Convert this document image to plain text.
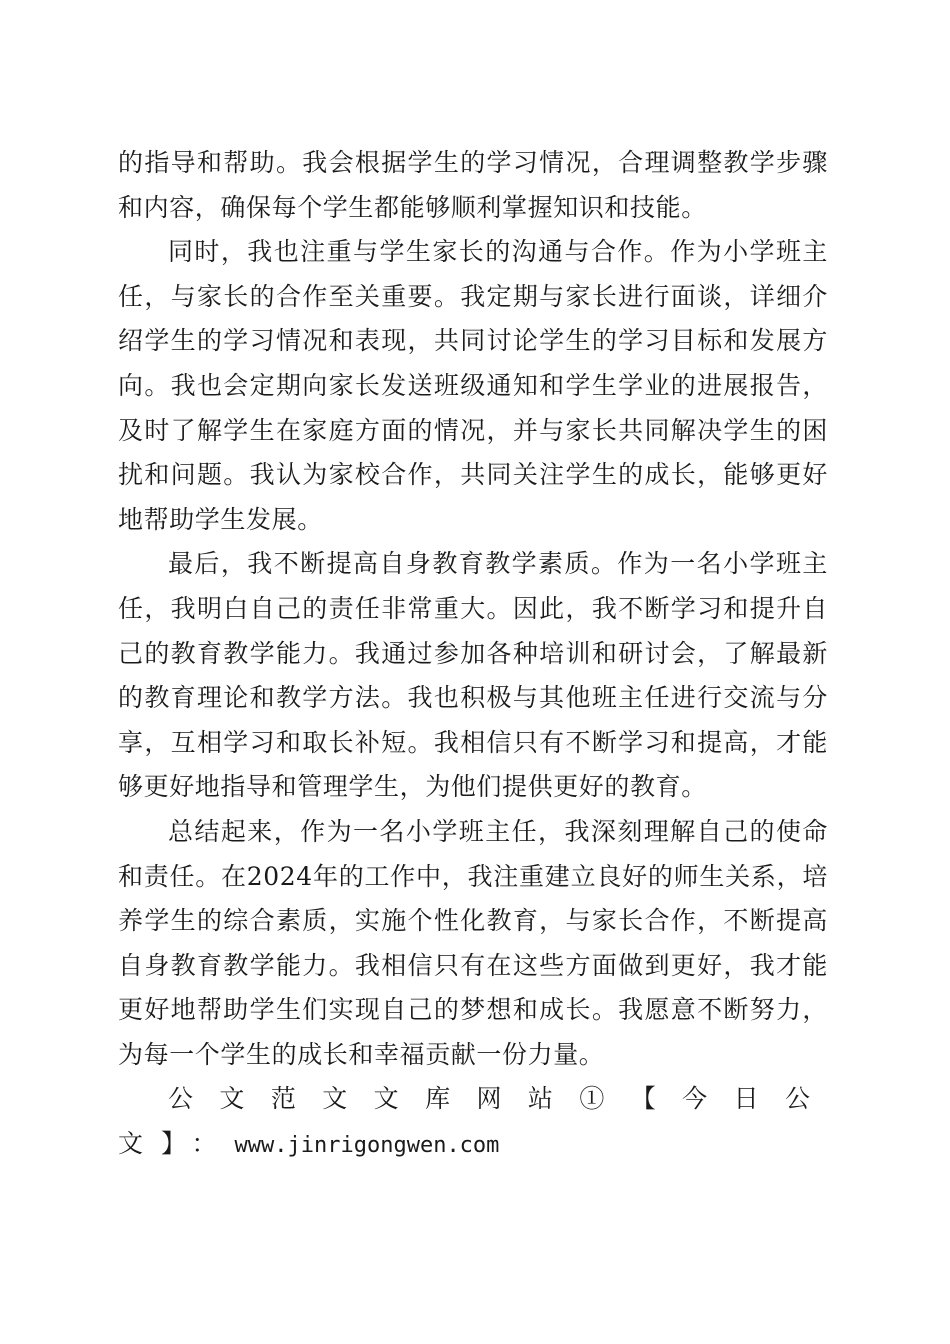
的指导和帮助。我会根据学生的学习情况，合理调整教学步骤和内容，确保每个学生都能够顺利掌握知识和技能。

同时，我也注重与学生家长的沟通与合作。作为小学班主任，与家长的合作至关重要。我定期与家长进行面谈，详细介绍学生的学习情况和表现，共同讨论学生的学习目标和发展方向。我也会定期向家长发送班级通知和学生学业的进展报告，及时了解学生在家庭方面的情况，并与家长共同解决学生的困扰和问题。我认为家校合作，共同关注学生的成长，能够更好地帮助学生发展。

最后，我不断提高自身教育教学素质。作为一名小学班主任，我明白自己的责任非常重大。因此，我不断学习和提升自己的教育教学能力。我通过参加各种培训和研讨会，了解最新的教育理论和教学方法。我也积极与其他班主任进行交流与分享，互相学习和取长补短。我相信只有不断学习和提高，才能够更好地指导和管理学生，为他们提供更好的教育。

总结起来，作为一名小学班主任，我深刻理解自己的使命和责任。在2024年的工作中，我注重建立良好的师生关系，培养学生的综合素质，实施个性化教育，与家长合作，不断提高自身教育教学能力。我相信只有在这些方面做到更好，我才能更好地帮助学生们实现自己的梦想和成长。我愿意不断努力，为每一个学生的成长和幸福贡献一份力量。

公文范文文库网站①【今日公文】：www.jinrigongwen.com
